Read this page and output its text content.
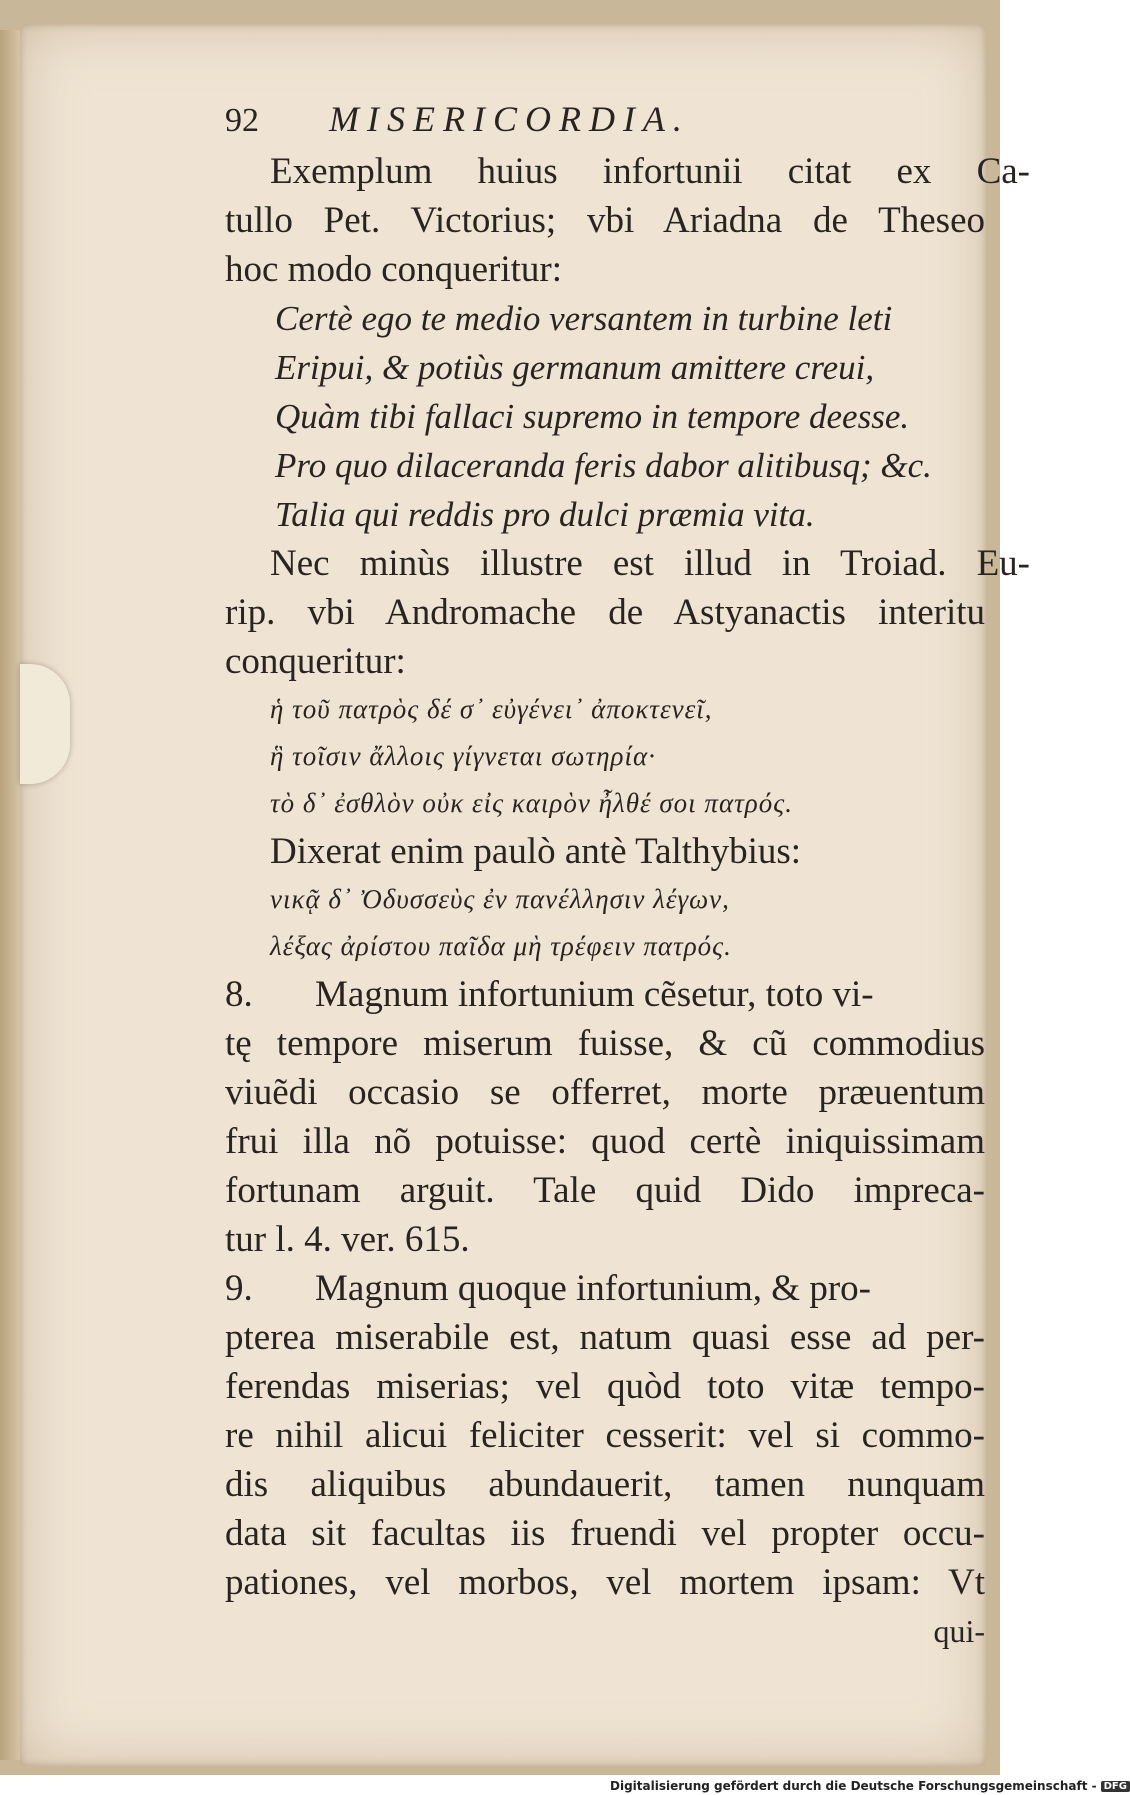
92 MISERICORDIA.
Exemplum huius infortunii citat ex Ca-
tullo Pet. Victorius; vbi Ariadna de Theseo
hoc modo conqueritur:
Certè ego te medio versantem in turbine leti
Eripui, & potiùs germanum amittere creui,
Quàm tibi fallaci supremo in tempore deesse.
Pro quo dilaceranda feris dabor alitibusq; &c.
Talia qui reddis pro dulci præmia vita.
Nec minùs illustre est illud in Troiad. Eu-
rip. vbi Andromache de Astyanactis interitu
conqueritur:
ἡ τοῦ πατρὸς δέ σ᾽ εὐγένει᾽ ἀποκτενεῖ,
ἣ τοῖσιν ἄλλοις γίγνεται σωτηρία·
τὸ δ᾽ ἐσθλὸν οὐκ εἰς καιρὸν ἦλθέ σοι πατρός.
Dixerat enim paulò antè Talthybius:
νικᾷ δ᾽ Ὀδυσσεὺς ἐν πανέλλησιν λέγων,
λέξας ἀρίστου παῖδα μὴ τρέφειν πατρός.
8. Magnum infortunium cẽsetur, toto vi-
tę tempore miserum fuisse, & cũ commodius
viuẽdi occasio se offerret, morte præuentum
frui illa nõ potuisse: quod certè iniquissimam
fortunam arguit. Tale quid Dido impreca-
tur l. 4. ver. 615.
9. Magnum quoque infortunium, & pro-
pterea miserabile est, natum quasi esse ad per-
ferendas miserias; vel quòd toto vitæ tempo-
re nihil alicui feliciter cesserit: vel si commo-
dis aliquibus abundauerit, tamen nunquam
data sit facultas iis fruendi vel propter occu-
pationes, vel morbos, vel mortem ipsam: Vt
qui-
Digitalisierung gefördert durch die Deutsche Forschungsgemeinschaft - DFG
